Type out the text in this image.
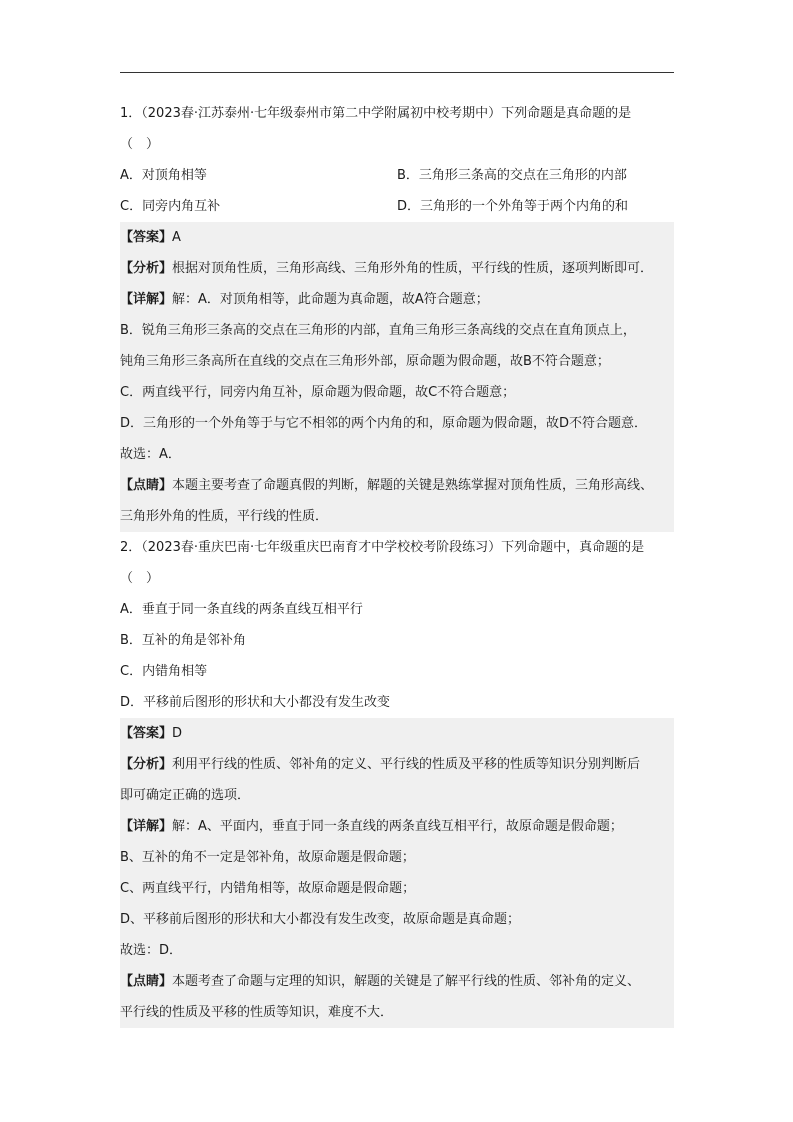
1．（2023春·江苏泰州·七年级泰州市第二中学附属初中校考期中）下列命题是真命题的是
（　）
A．对顶角相等	B．三角形三条高的交点在三角形的内部
C．同旁内角互补	D．三角形的一个外角等于两个内角的和
【答案】A
【分析】根据对顶角性质，三角形高线、三角形外角的性质，平行线的性质，逐项判断即可．
【详解】解：A．对顶角相等，此命题为真命题，故A符合题意；
B．锐角三角形三条高的交点在三角形的内部，直角三角形三条高线的交点在直角顶点上，
钝角三角形三条高所在直线的交点在三角形外部，原命题为假命题，故B不符合题意；
C．两直线平行，同旁内角互补，原命题为假命题，故C不符合题意；
D．三角形的一个外角等于与它不相邻的两个内角的和，原命题为假命题，故D不符合题意．
故选：A．
【点睛】本题主要考查了命题真假的判断，解题的关键是熟练掌握对顶角性质，三角形高线、
三角形外角的性质，平行线的性质．
2．（2023春·重庆巴南·七年级重庆巴南育才中学校校考阶段练习）下列命题中，真命题的是
（　）
A．垂直于同一条直线的两条直线互相平行
B．互补的角是邻补角
C．内错角相等
D．平移前后图形的形状和大小都没有发生改变
【答案】D
【分析】利用平行线的性质、邻补角的定义、平行线的性质及平移的性质等知识分别判断后
即可确定正确的选项．
【详解】解：A、平面内，垂直于同一条直线的两条直线互相平行，故原命题是假命题；
B、互补的角不一定是邻补角，故原命题是假命题；
C、两直线平行，内错角相等，故原命题是假命题；
D、平移前后图形的形状和大小都没有发生改变，故原命题是真命题；
故选：D．
【点睛】本题考查了命题与定理的知识，解题的关键是了解平行线的性质、邻补角的定义、
平行线的性质及平移的性质等知识，难度不大．
